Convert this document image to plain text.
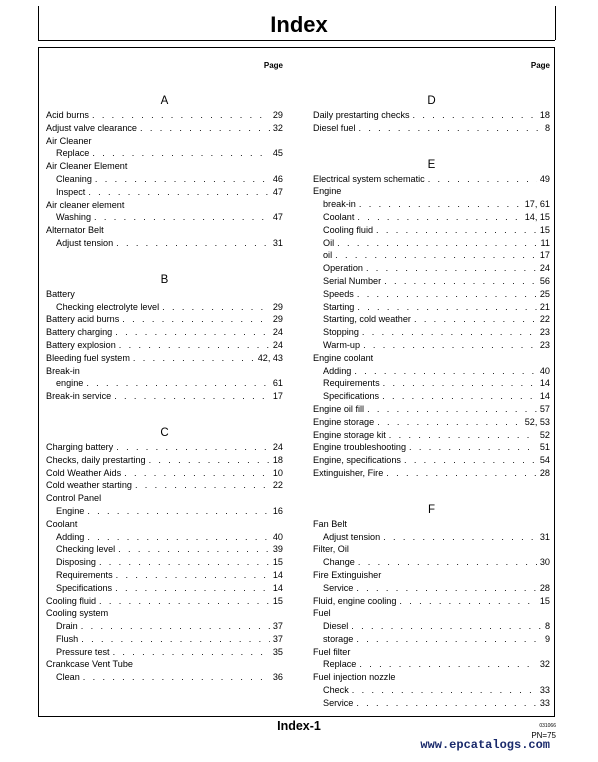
Index
Page
A
Acid burns . . .	29
Adjust valve clearance . . .	32
Air Cleaner
Replace . . .	45
Air Cleaner Element
Cleaning . . .	46
Inspect . . .	47
Air cleaner element
Washing . . .	47
Alternator Belt
Adjust tension . . .	31
B
Battery
Checking electrolyte level . . .	29
Battery acid burns . . .	29
Battery charging . . .	24
Battery explosion . . .	24
Bleeding fuel system . . .	42, 43
Break-in
engine . . .	61
Break-in service . . .	17
C
Charging battery . . .	24
Checks, daily prestarting . . .	18
Cold Weather Aids . . .	10
Cold weather starting . . .	22
Control Panel
Engine . . .	16
Coolant
Adding . . .	40
Checking level . . .	39
Disposing . . .	15
Requirements . . .	14
Specifications . . .	14
Cooling fluid . . .	15
Cooling system
Drain . . .	37
Flush . . .	37
Pressure test . . .	35
Crankcase Vent Tube
Clean . . .	36
Page
D
Daily prestarting checks . . .	18
Diesel fuel . . .	8
E
Electrical system schematic . . .	49
Engine
break-in . . .	17, 61
Coolant . . .	14, 15
Cooling fluid . . .	15
Oil . . .	11
oil . . .	17
Operation . . .	24
Serial Number . . .	56
Speeds . . .	25
Starting . . .	21
Starting, cold weather . . .	22
Stopping . . .	23
Warm-up . . .	23
Engine coolant
Adding . . .	40
Requirements . . .	14
Specifications . . .	14
Engine oil fill . . .	57
Engine storage . . .	52, 53
Engine storage kit . . .	52
Engine troubleshooting . . .	51
Engine, specifications . . .	54
Extinguisher, Fire . . .	28
F
Fan Belt
Adjust tension . . .	31
Filter, Oil
Change . . .	30
Fire Extinguisher
Service . . .	28
Fluid, engine cooling . . .	15
Fuel
Diesel . . .	8
storage . . .	9
Fuel filter
Replace . . .	32
Fuel injection nozzle
Check . . .	33
Service . . .	33
Index-1	031066
PN=75
www.epcatalogs.com
